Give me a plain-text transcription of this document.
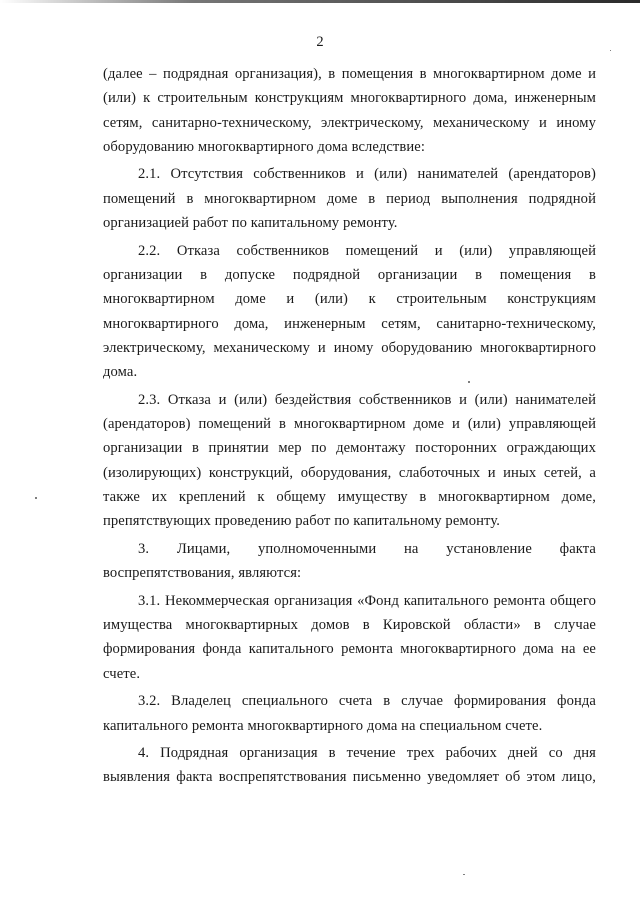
2

(далее – подрядная организация), в помещения в многоквартирном доме и (или) к строительным конструкциям многоквартирного дома, инженерным сетям, санитарно-техническому, электрическому, механическому и иному оборудованию многоквартирного дома вследствие:

2.1. Отсутствия собственников и (или) нанимателей (арендаторов) помещений в многоквартирном доме в период выполнения подрядной организацией работ по капитальному ремонту.

2.2. Отказа собственников помещений и (или) управляющей организации в допуске подрядной организации в помещения в многоквартирном доме и (или) к строительным конструкциям многоквартирного дома, инженерным сетям, санитарно-техническому, электрическому, механическому и иному оборудованию многоквартирного дома.

2.3. Отказа и (или) бездействия собственников и (или) нанимателей (арендаторов) помещений в многоквартирном доме и (или) управляющей организации в принятии мер по демонтажу посторонних ограждающих (изолирующих) конструкций, оборудования, слаботочных и иных сетей, а также их креплений к общему имуществу в многоквартирном доме, препятствующих проведению работ по капитальному ремонту.

3. Лицами, уполномоченными на установление факта воспрепятствования, являются:

3.1. Некоммерческая организация «Фонд капитального ремонта общего имущества многоквартирных домов в Кировской области» в случае формирования фонда капитального ремонта многоквартирного дома на ее счете.

3.2. Владелец специального счета в случае формирования фонда капитального ремонта многоквартирного дома на специальном счете.

4. Подрядная организация в течение трех рабочих дней со дня выявления факта воспрепятствования письменно уведомляет об этом лицо,
